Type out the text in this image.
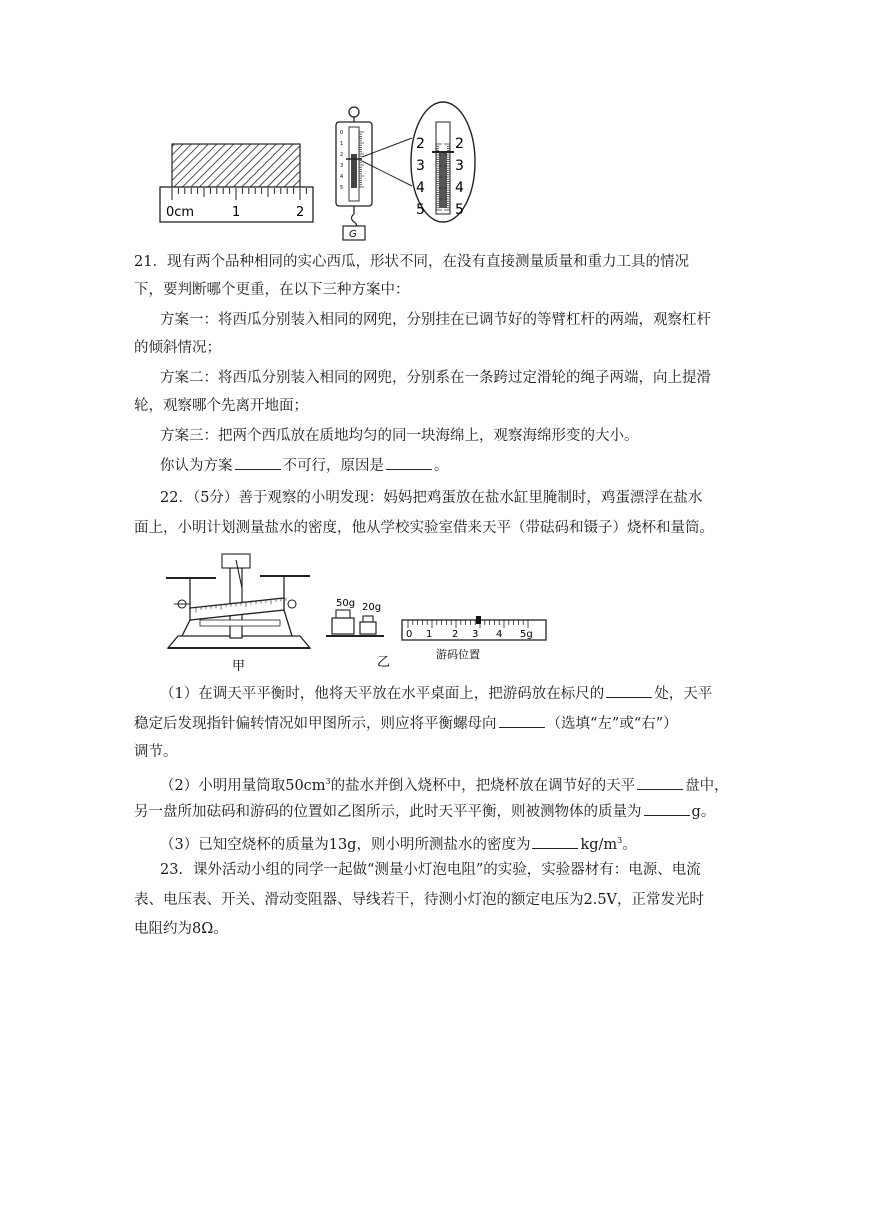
0cm	1	2
0
1
2
3
4
5
G
2
3
4
5
2
3
4
5
21．现有两个品种相同的实心西瓜，形状不同，在没有直接测量质量和重力工具的情况
下，要判断哪个更重，在以下三种方案中：
方案一：将西瓜分别装入相同的网兜，分别挂在已调节好的等臂杠杆的两端，观察杠杆
的倾斜情况；
方案二：将西瓜分别装入相同的网兜，分别系在一条跨过定滑轮的绳子两端，向上提滑
轮，观察哪个先离开地面；
方案三：把两个西瓜放在质地均匀的同一块海绵上，观察海绵形变的大小。
你认为方案	不可行，原因是	。
22．（5分）善于观察的小明发现：妈妈把鸡蛋放在盐水缸里腌制时，鸡蛋漂浮在盐水
面上，小明计划测量盐水的密度，他从学校实验室借来天平（带砝码和镊子）烧杯和量筒。
甲
50g 20g
乙
0 1 2 3 4 5g
游码位置
（1）在调天平平衡时，他将天平放在水平桌面上，把游码放在标尺的	处，天平
稳定后发现指针偏转情况如甲图所示，则应将平衡螺母向	（选填“左”或“右”）
调节。
（2）小明用量筒取$50cm^3$的盐水并倒入烧杯中，把烧杯放在调节好的天平	盘中，
另一盘所加砝码和游码的位置如乙图所示，此时天平平衡，则被测物体的质量为	g。
（3）已知空烧杯的质量为13g，则小明所测盐水的密度为	$kg/m^3$。
23．课外活动小组的同学一起做“测量小灯泡电阻”的实验，实验器材有：电源、电流
表、电压表、开关、滑动变阻器、导线若干，待测小灯泡的额定电压为2.5V，正常发光时
电阻约为8Ω。
